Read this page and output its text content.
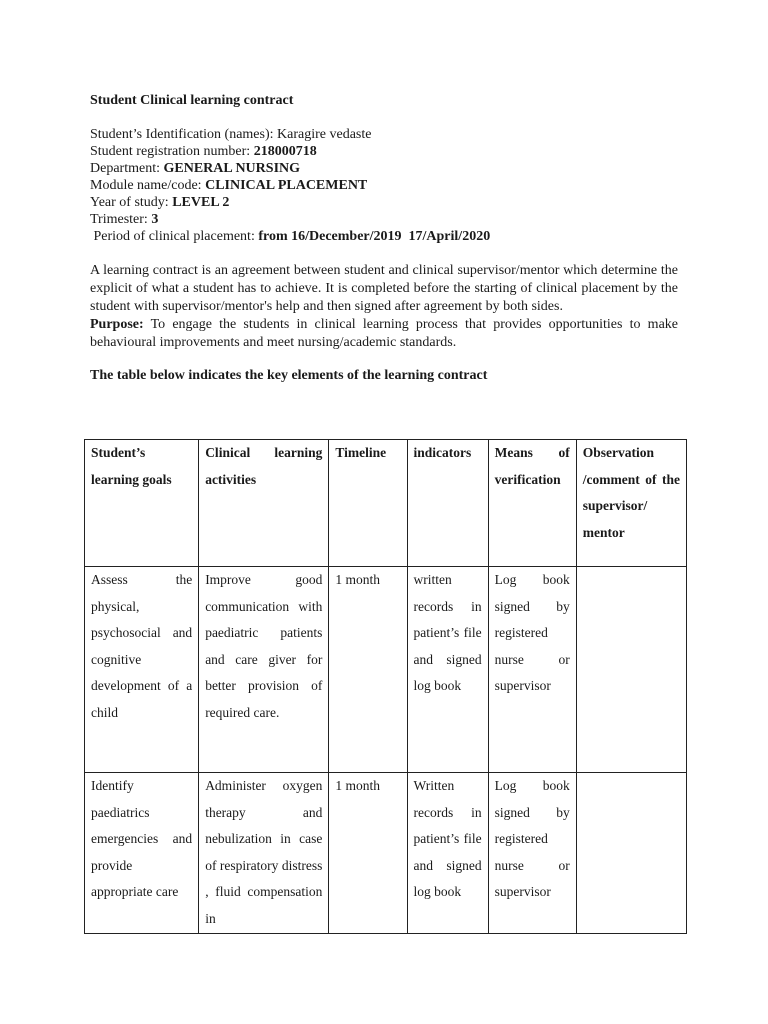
Student Clinical learning contract
Student’s Identification (names): Karagire vedaste
Student registration number: 218000718
Department: GENERAL NURSING
Module name/code: CLINICAL PLACEMENT
Year of study: LEVEL 2
Trimester: 3
Period of clinical placement: from 16/December/2019  17/April/2020
A learning contract is an agreement between student and clinical supervisor/mentor which determine the explicit of what a student has to achieve. It is completed before the starting of clinical placement by the student with supervisor/mentor's help and then signed after agreement by both sides.
Purpose: To engage the students in clinical learning process that provides opportunities to make behavioural improvements and meet nursing/academic standards.
The table below indicates the key elements of the learning contract
Student’s learning goals	Clinical learning activities	Timeline	indicators	Means of verification	Observation /comment of the supervisor/ mentor
Assess the physical, psychosocial and cognitive development of a child	Improve good communication with paediatric patients and care giver for better provision of required care.	1 month	written records in patient’s file and signed log book	Log book signed by registered nurse or supervisor	
Identify paediatrics emergencies and provide appropriate care	Administer oxygen therapy and nebulization in case of respiratory distress , fluid compensation in	1 month	Written records in patient’s file and signed log book	Log book signed by registered nurse or supervisor	
